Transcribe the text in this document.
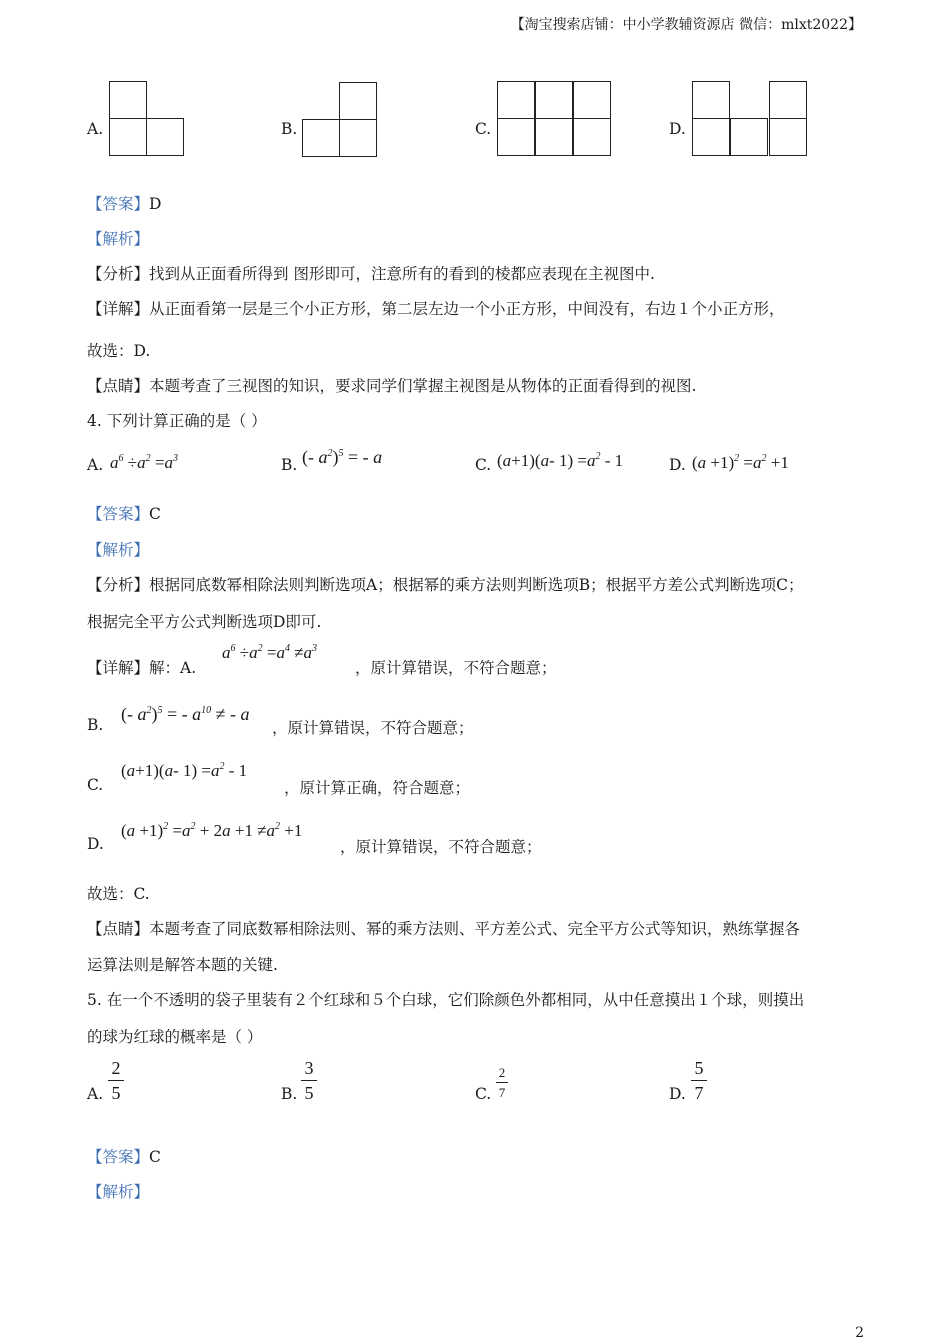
【淘宝搜索店铺：中小学教辅资源店 微信：mlxt2022】
A.	B.	C.	D.
【答案】D
【解析】
【分析】找到从正面看所得到 图形即可，注意所有的看到的棱都应表现在主视图中.
【详解】从正面看第一层是三个小正方形，第二层左边一个小正方形，中间没有，右边１个小正方形，
故选：D.
【点睛】本题考查了三视图的知识，要求同学们掌握主视图是从物体的正面看得到的视图.
4. 下列计算正确的是（ ）
A. $a^6 \div a^2 =a^3$	B. (- $a^2)^5$ = - a	C. (a+1)(a- $1) =a^2 - 1$	D. $(a +1)^2 =a^2 +1$
【答案】C
【解析】
【分析】根据同底数幂相除法则判断选项A；根据幂的乘方法则判断选项B；根据平方差公式判断选项C；
根据完全平方公式判断选项D即可.
【详解】解：A.
$a^6 \div a^2 =a^4 \ne a^3$
，原计算错误，不符合题意；
B.
(- $a^2)^5$ = - $a^{10}$ ≠ - a
，原计算错误，不符合题意；
C.
(a+1)(a- $1) =a^2 - 1$
，原计算正确，符合题意；
D.
$(a +1)^2 =a^2 + 2a +1 \ne a^2 +1$
，原计算错误，不符合题意；
故选：C.
【点睛】本题考查了同底数幂相除法则、幂的乘方法则、平方差公式、完全平方公式等知识，熟练掌握各
运算法则是解答本题的关键.
5. 在一个不透明的袋子里装有２个红球和５个白球，它们除颜色外都相同，从中任意摸出１个球，则摸出
的球为红球的概率是（ ）
A.
2
5	B.
3
5	C.
2
7	D.
5
7
【答案】C
【解析】
2
